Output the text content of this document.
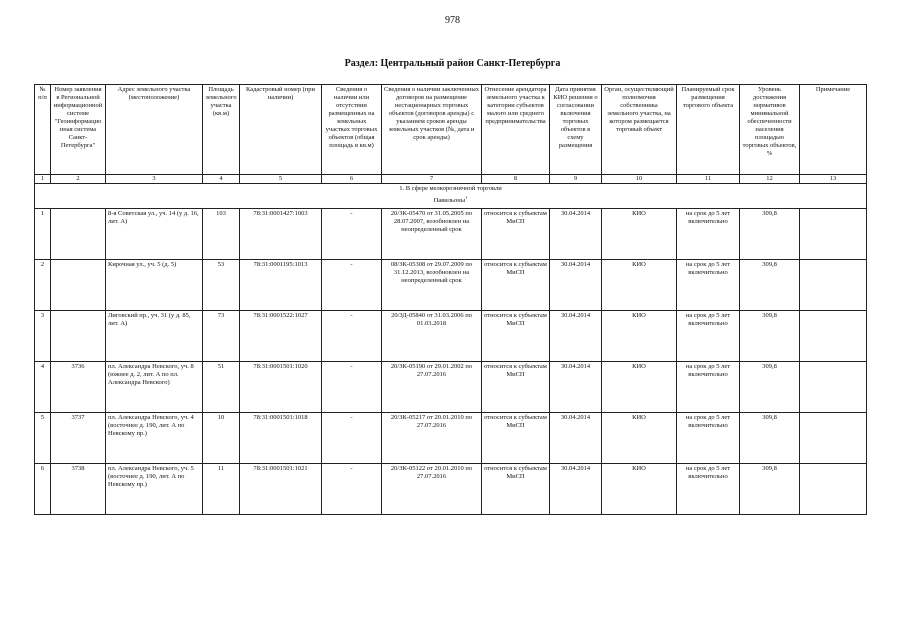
978
Раздел: Центральный район Санкт-Петербурга
№ п/п	Номер заявления в Региональной информационной системе "Геоинформационная система Санкт-Петербурга"	Адрес земельного участка (местоположение)	Площадь земельного участка (кв.м)	Кадастровый номер (при наличии)	Сведения о наличии или отсутствии размещенных на земельных участках торговых объектов (общая площадь в кв.м)	Сведения о наличии заключенных договоров на размещение нестационарных торговых объектов (договоров аренды) с указанием сроков аренды земельных участков (№, дата и срок аренды)	Отнесение арендатора земельного участка к категории субъектов малого или среднего предпринимательства	Дата принятия КИО решения о согласовании включения торговых объектов в схему размещения	Орган, осуществляющий полномочия собственника земельного участка, на котором размещается торговый объект	Планируемый срок размещения торгового объекта	Уровень достижения нормативов минимальной обеспеченности населения площадью торговых объектов, %	Примечание
1	2	3	4	5	6	7	8	9	10	11	12	13
1. В сфере мелкорозничной торговли												
Павильоны$^1$
1		8-я Советская ул., уч. 14 (у д. 16, лит. А)	103	78:31:0001427:1003	-	20/ЗК-05470 от 31.05.2005 по 28.07.2007, возобновлен на неопределенный срок	относится к субъектам МиСП	30.04.2014	КИО	на срок до 5 лет включительно	309,8	
2		Кирочная ул., уч. 5 (д. 5)	53	78:31:0001195:1013	-	08/ЗК-05308 от 29.07.2009 по 31.12.2013, возобновлен на неопределенный срок	относится к субъектам МиСП	30.04.2014	КИО	на срок до 5 лет включительно	309,8	
3		Лиговский пр., уч. 31 (у д. 85, лит. А)	73	78:31:0001522:1027	-	20/ЗД-05840 от 31.03.2006 по 01.03.2018	относится к субъектам МиСП	30.04.2014	КИО	на срок до 5 лет включительно	309,8	
4	3736	пл. Александра Невского, уч. 8 (южнее д. 2, лит. А по пл. Александра Невского)	51	78:31:0001501:1020	-	20/ЗК-05190 от 29.01.2002 по 27.07.2016	относится к субъектам МиСП	30.04.2014	КИО	на срок до 5 лет включительно	309,8	
5	3737	пл. Александра Невского, уч. 4 (восточнее д. 190, лит. А по Невскому пр.)	10	78:31:0001501:1018	-	20/ЗК-05217 от 20.01.2010 по 27.07.2016	относится к субъектам МиСП	30.04.2014	КИО	на срок до 5 лет включительно	309,8	
6	3738	пл. Александра Невского, уч. 5 (восточнее д. 190, лит. А по Невскому пр.)	11	78:31:0001501:1021	-	20/ЗК-05122 от 20.01.2010 по 27.07.2016	относится к субъектам МиСП	30.04.2014	КИО	на срок до 5 лет включительно	309,8	
